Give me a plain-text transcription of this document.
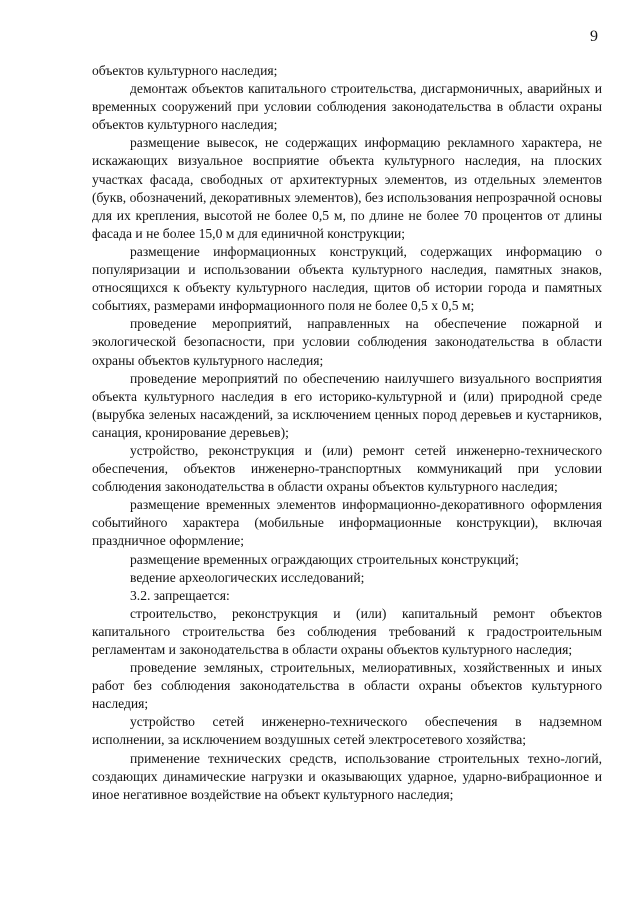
9

объектов культурного наследия;

демонтаж объектов капитального строительства, дисгармоничных, аварийных и временных сооружений при условии соблюдения законодательства в области охраны объектов культурного наследия;

размещение вывесок, не содержащих информацию рекламного характера, не искажающих визуальное восприятие объекта культурного наследия, на плоских участках фасада, свободных от архитектурных элементов, из отдельных элементов (букв, обозначений, декоративных элементов), без использования непрозрачной основы для их крепления, высотой не более 0,5 м, по длине не более 70 процентов от длины фасада и не более 15,0 м для единичной конструкции;

размещение информационных конструкций, содержащих информацию о популяризации и использовании объекта культурного наследия, памятных знаков, относящихся к объекту культурного наследия, щитов об истории города и памятных событиях, размерами информационного поля не более 0,5 х 0,5 м;

проведение мероприятий, направленных на обеспечение пожарной и экологической безопасности, при условии соблюдения законодательства в области охраны объектов культурного наследия;

проведение мероприятий по обеспечению наилучшего визуального восприятия объекта культурного наследия в его историко-культурной и (или) природной среде (вырубка зеленых насаждений, за исключением ценных пород деревьев и кустарников, санация, кронирование деревьев);

устройство, реконструкция и (или) ремонт сетей инженерно-технического обеспечения, объектов инженерно-транспортных коммуникаций при условии соблюдения законодательства в области охраны объектов культурного наследия;

размещение временных элементов информационно-декоративного оформления событийного характера (мобильные информационные конструкции), включая праздничное оформление;

размещение временных ограждающих строительных конструкций;

ведение археологических исследований;

3.2. запрещается:

строительство, реконструкция и (или) капитальный ремонт объектов капитального строительства без соблюдения требований к градостроительным регламентам и законодательства в области охраны объектов культурного наследия;

проведение земляных, строительных, мелиоративных, хозяйственных и иных работ без соблюдения законодательства в области охраны объектов культурного наследия;

устройство сетей инженерно-технического обеспечения в надземном исполнении, за исключением воздушных сетей электросетевого хозяйства;

применение технических средств, использование строительных техно-логий, создающих динамические нагрузки и оказывающих ударное, ударно-вибрационное и иное негативное воздействие на объект культурного наследия;
